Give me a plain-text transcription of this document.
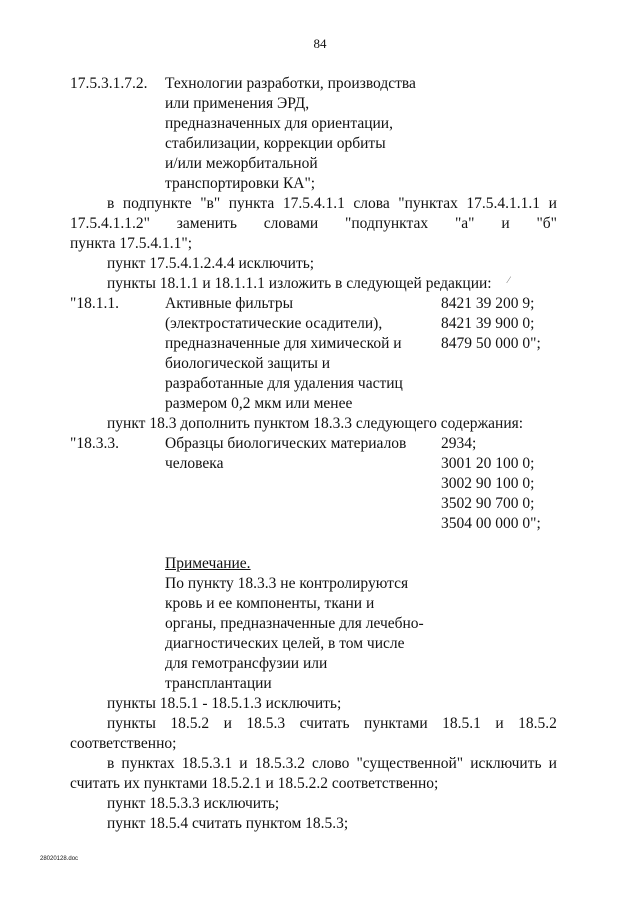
84
17.5.3.1.7.2. Технологии разработки, производства
или применения ЭРД,
предназначенных для ориентации,
стабилизации, коррекции орбиты
и/или межорбитальной
транспортировки КА";
в подпункте "в" пункта 17.5.4.1.1 слова "пунктах 17.5.4.1.1.1 и
17.5.4.1.1.2" заменить словами "подпунктах "а" и "б"
пункта 17.5.4.1.1";
пункт 17.5.4.1.2.4.4 исключить;
пункты 18.1.1 и 18.1.1.1 изложить в следующей редакции: ⁄
"18.1.1.	Активные фильтры
(электростатические осадители),
предназначенные для химической и
биологической защиты и
разработанные для удаления частиц
размером 0,2 мкм или менее
8421 39 200 9;
8421 39 900 0;
8479 50 000 0";
пункт 18.3 дополнить пунктом 18.3.3 следующего содержания:
"18.3.3.	Образцы биологических материалов
человека
2934;
3001 20 100 0;
3002 90 100 0;
3502 90 700 0;
3504 00 000 0";
Примечание.
По пункту 18.3.3 не контролируются
кровь и ее компоненты, ткани и
органы, предназначенные для лечебно-
диагностических целей, в том числе
для гемотрансфузии или
трансплантации
пункты 18.5.1 - 18.5.1.3 исключить;
пункты 18.5.2 и 18.5.3 считать пунктами 18.5.1 и 18.5.2
соответственно;
в пунктах 18.5.3.1 и 18.5.3.2 слово "существенной" исключить и
считать их пунктами 18.5.2.1 и 18.5.2.2 соответственно;
пункт 18.5.3.3 исключить;
пункт 18.5.4 считать пунктом 18.5.3;
28020128.doc
